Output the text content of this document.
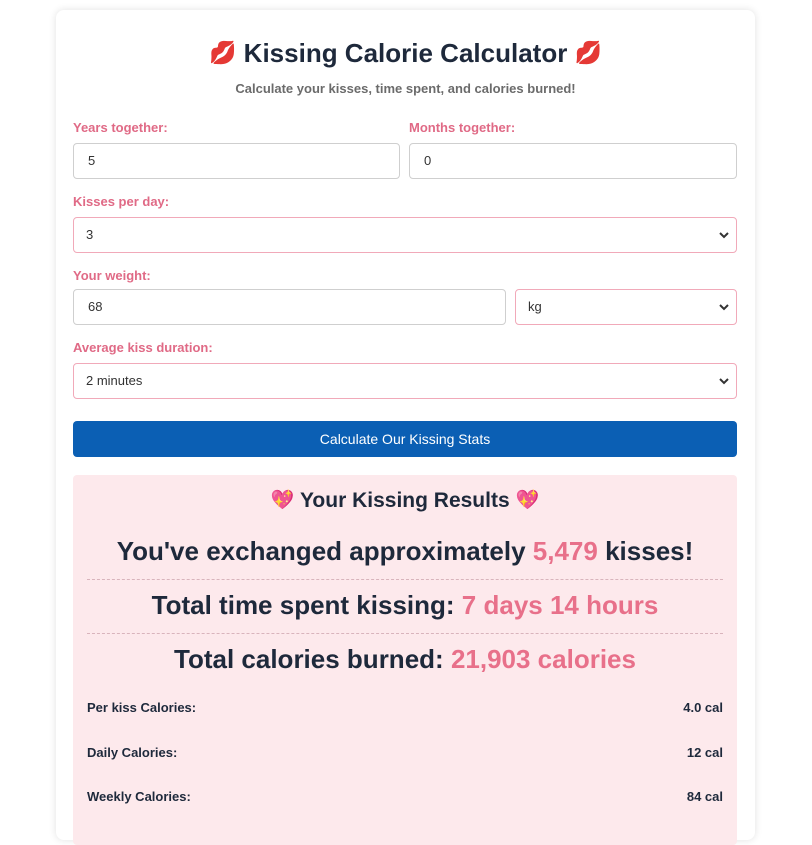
💋 Kissing Calorie Calculator 💋
Calculate your kisses, time spent, and calories burned!
Years together:
5
Months together:
0
Kisses per day:
3
Your weight:
68	kg
Average kiss duration:
2 minutes
Calculate Our Kissing Stats
💖 Your Kissing Results 💖
You've exchanged approximately 5,479 kisses!
Total time spent kissing: 7 days 14 hours
Total calories burned: 21,903 calories
Per kiss Calories:	4.0 cal
Daily Calories:	12 cal
Weekly Calories:	84 cal
